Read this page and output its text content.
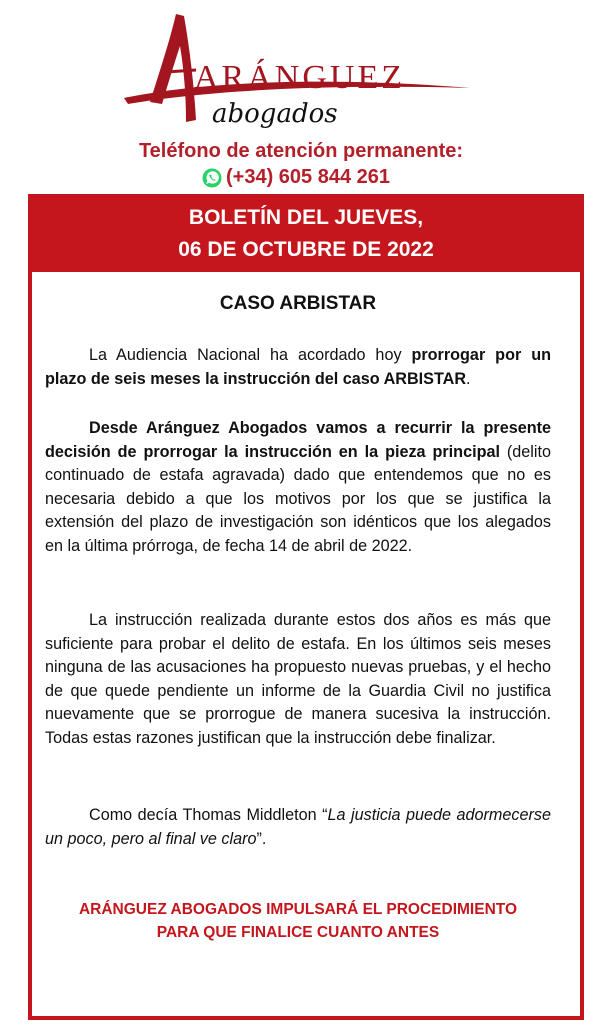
ARÁNGUEZ
abogados
Teléfono de atención permanente:
(+34) 605 844 261
BOLETÍN DEL JUEVES,
06 DE OCTUBRE DE 2022
CASO ARBISTAR
La Audiencia Nacional ha acordado hoy prorrogar por un plazo de seis meses la instrucción del caso ARBISTAR.
Desde Aránguez Abogados vamos a recurrir la presente decisión de prorrogar la instrucción en la pieza principal (delito continuado de estafa agravada) dado que entendemos que no es necesaria debido a que los motivos por los que se justifica la extensión del plazo de investigación son idénticos que los alegados en la última prórroga, de fecha 14 de abril de 2022.
La instrucción realizada durante estos dos años es más que suficiente para probar el delito de estafa. En los últimos seis meses ninguna de las acusaciones ha propuesto nuevas pruebas, y el hecho de que quede pendiente un informe de la Guardia Civil no justifica nuevamente que se prorrogue de manera sucesiva la instrucción. Todas estas razones justifican que la instrucción debe finalizar.
Como decía Thomas Middleton “La justicia puede adormecerse un poco, pero al final ve claro”.
ARÁNGUEZ ABOGADOS IMPULSARÁ EL PROCEDIMIENTO
PARA QUE FINALICE CUANTO ANTES
